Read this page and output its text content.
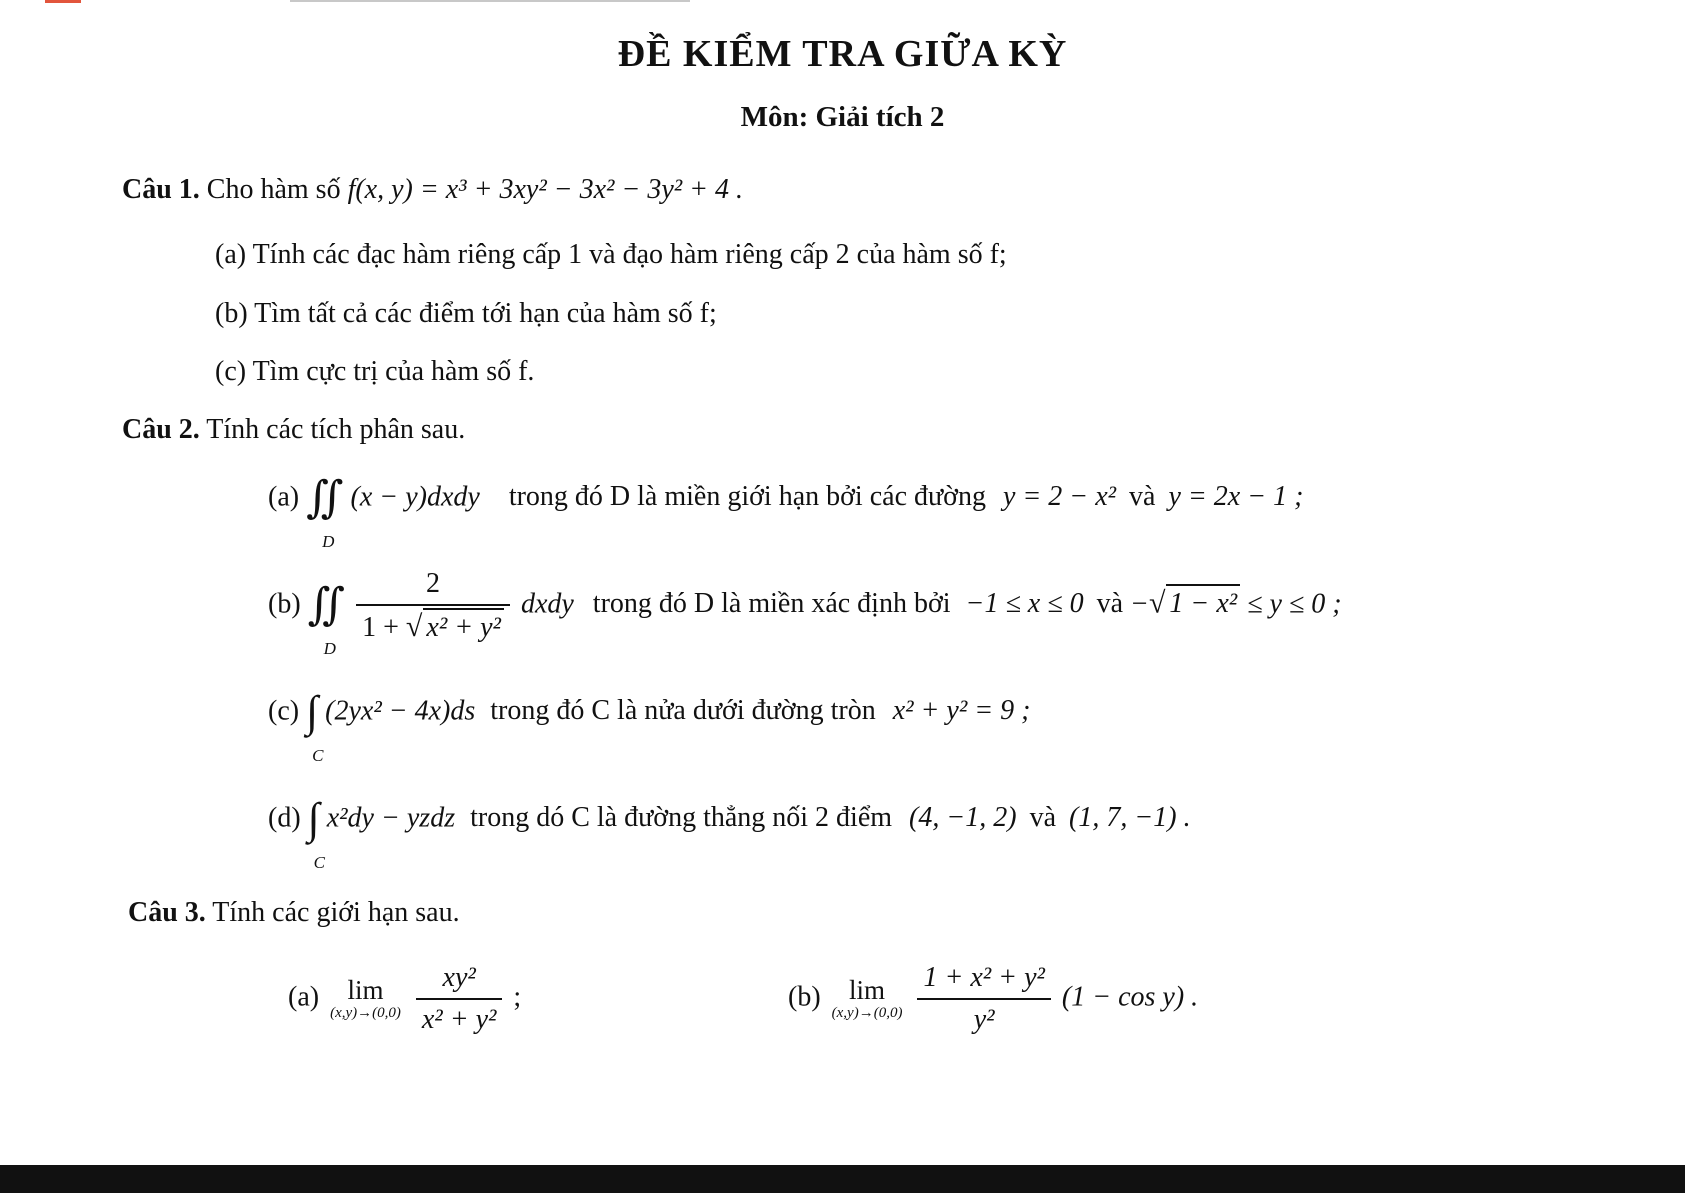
ĐỀ KIỂM TRA GIỮA KỲ
Môn: Giải tích 2
Câu 1. Cho hàm số f(x, y) = x³ + 3xy² − 3x² − 3y² + 4 .
(a) Tính các đạc hàm riêng cấp 1 và đạo hàm riêng cấp 2 của hàm số f;
(b) Tìm tất cả các điểm tới hạn của hàm số f;
(c) Tìm cực trị của hàm số f.
Câu 2. Tính các tích phân sau.
(a) ∬
D
(x − y)dxdy trong đó D là miền giới hạn bởi các đường y = 2 − x² và y = 2x − 1 ;
(b) ∬
D

$\frac{2}{\text{1 + √ x² + y²}}$ dxdy trong đó D là miền xác định bởi −1 ≤ x ≤ 0 và −√ 1 − x² ≤ y ≤ 0 ;
(c) ∫
C
(2yx² − 4x)ds trong đó C là nửa dưới đường tròn x² + y² = 9 ;
(d) ∫
C
x²dy − yzdz trong dó C là đường thẳng nối 2 điểm (4, −1, 2) và (1, 7, −1) .
Câu 3. Tính các giới hạn sau.
(a)	lim
(x,y)→(0,0)
$\frac{\text{xy²}}{\text{x² + y²}}$ ;	(b)	lim
(x,y)→(0,0)
$\frac{\text{1 + x² + y²}}{\text{y²}} (1 - \cos y)$ .
